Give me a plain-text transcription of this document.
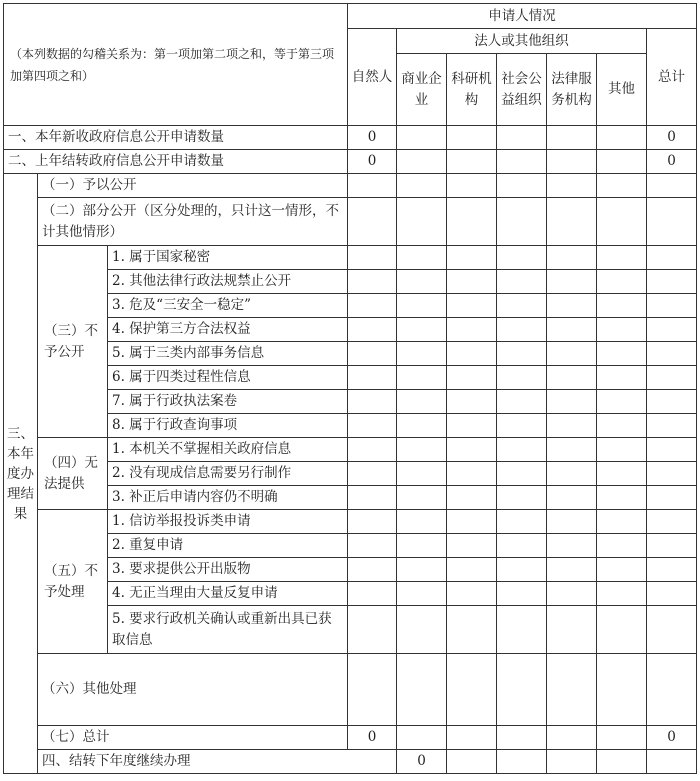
（本列数据的勾稽关系为：第一项加第二项之和，等于第三项加第四项之和）			申请人情况							
			自然人	法人或其他组织					总计	
				商业企业	科研机构	社会公益组织	法律服务机构	其他		
一、本年新收政府信息公开申请数量			0						0	
二、上年结转政府信息公开申请数量			0						0	
三、本年度办理结果	（一）予以公开									
	（二）部分公开（区分处理的，只计这一情形，不计其他情形）									
	（三）不予公开	1. 属于国家秘密								
		2. 其他法律行政法规禁止公开								
		3. 危及“三安全一稳定”								
		4. 保护第三方合法权益								
		5. 属于三类内部事务信息								
		6. 属于四类过程性信息								
		7. 属于行政执法案卷								
		8. 属于行政查询事项								
	（四）无法提供	1. 本机关不掌握相关政府信息								
		2. 没有现成信息需要另行制作								
		3. 补正后申请内容仍不明确								
	（五）不予处理	1. 信访举报投诉类申请								
		2. 重复申请								
		3. 要求提供公开出版物								
		4. 无正当理由大量反复申请								
		5. 要求行政机关确认或重新出具已获取信息								
	（六）其他处理									
	（七）总计		0						0	
	四、结转下年度继续办理			0						
